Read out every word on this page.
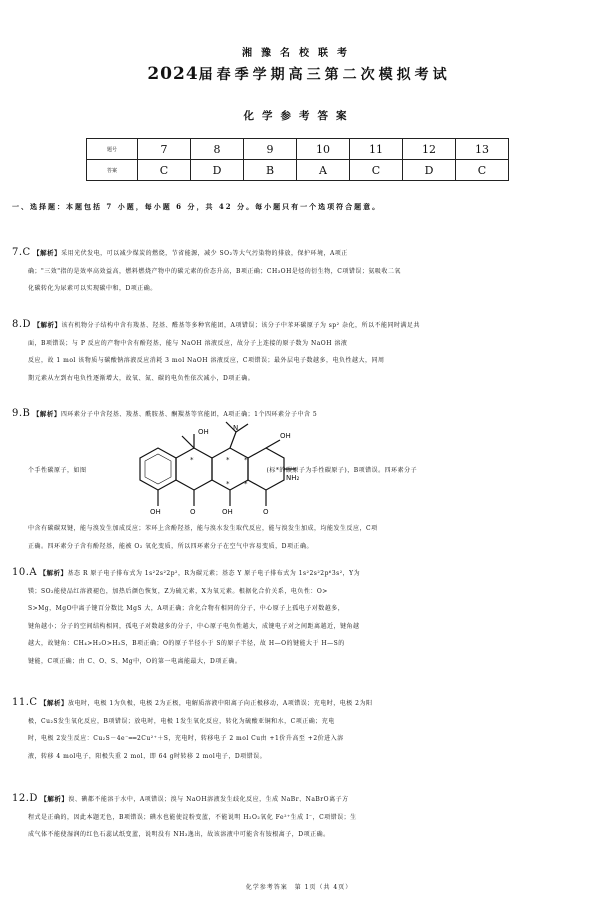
湘豫名校联考
2024届春季学期高三第二次模拟考试
化学参考答案
题号	7	8	9	10	11	12	13
答案	C	D	B	A	C	D	C
一、选择题：本题包括 7 小题，每小题 6 分，共 42 分。每小题只有一个选项符合题意。

7.C 【解析】采用光伏发电，可以减少煤炭的燃烧，节省能源，减少 SO₂等大气污染物的排放，保护环境，A项正

确；"三效"指的是效率高效益高，燃料燃烧产物中的碳元素的价态升高，B项正确；CH₃OH是烃的衍生物，C项错误；氨吸收二氧

化碳转化为尿素可以实现碳中和，D项正确。

8.D 【解析】该有机物分子结构中含有羧基、羟基、醛基等多种官能团，A项错误；该分子中苯环碳原子为 sp² 杂化，所以不能同时满足共

面，B项错误；与 P 反应的产物中含有酚羟基，能与 NaOH 溶液反应，故分子上连接的原子数为 NaOH 溶液

反应，故 1 mol 该物质与碳酸钠溶液反应消耗 3 mol NaOH 溶液反应，C项错误；最外层电子数越多，电负性越大，同周

期元素从左到右电负性逐渐增大，故氧、氮、碳的电负性依次减小，D项正确。

9.B 【解析】四环素分子中含羟基、羧基、酰胺基、酮羰基等官能团，A项正确；1个四环素分子中含 5

个手性碳原子，如图	(标*的碳原子为手性碳原子)，B项错误。四环素分子

OH	O	OH	O
OH	N
OH
NH₂
*	* *
* *

中含有碳碳双键，能与溴发生加成反应；苯环上含酚羟基，能与溴水发生取代反应，能与溴发生加成，均能发生反应，C项

正确。四环素分子含有酚羟基，能被 O₂ 氧化变质，所以四环素分子在空气中容易变质，D项正确。

10.A 【解析】基态 R 原子电子排布式为 1s²2s²2p²，R为碳元素；基态 Y 原子电子排布式为 1s²2s²2p⁶3s²，Y为

镁；SO₂能使品红溶液褪色，加热后颜色恢复，Z为硫元素，X为氧元素。根据化合价关系，电负性：O>

S>Mg，MgO中离子键百分数比 MgS 大，A项正确；含化合物有相同的分子，中心原子上孤电子对数越多，

键角越小；分子的空间结构相同，孤电子对数越多的分子，中心原子电负性越大，成键电子对之间距离越近，键角越

越大，故键角：CH₄>H₂O>H₂S，B项正确；O的原子半径小于 S的原子半径，故 H—O的键能大于 H—S的

键能，C项正确；由 C、O、S、Mg中，O的第一电离能最大，D项正确。

11.C 【解析】放电时，电极 1为负极，电极 2为正极，电解质溶液中阳离子向正极移动，A项错误；充电时，电极 2为阳

极，Cu₂S发生氧化反应，B项错误；放电时，电极 1发生氧化反应，转化为硫酸亚铜和水，C项正确；充电

时，电极 2发生反应：Cu₂S－4e⁻══2Cu²⁺＋S，充电时，转移电子 2 mol Cu由 +1价升高至 +2价进入溶

液，转移 4 mol电子，阳极失重 2 mol，即 64 g时转移 2 mol电子，D项错误。

12.D 【解析】溴、碘都不能溶于水中，A项错误；溴与 NaOH溶液发生歧化反应，生成 NaBr、NaBrO离子方

程式是正确的，因此本题无色，B项错误；碘水也能使淀粉变蓝，不能说明 H₂O₂氧化 Fe²⁺生成 I⁻，C项错误；生

成气体不能使湿润的红色石蕊试纸变蓝，说明没有 NH₃逸出，故该溶液中可能含有铵根离子，D项正确。

化学参考答案　第 1页（共 4页）
